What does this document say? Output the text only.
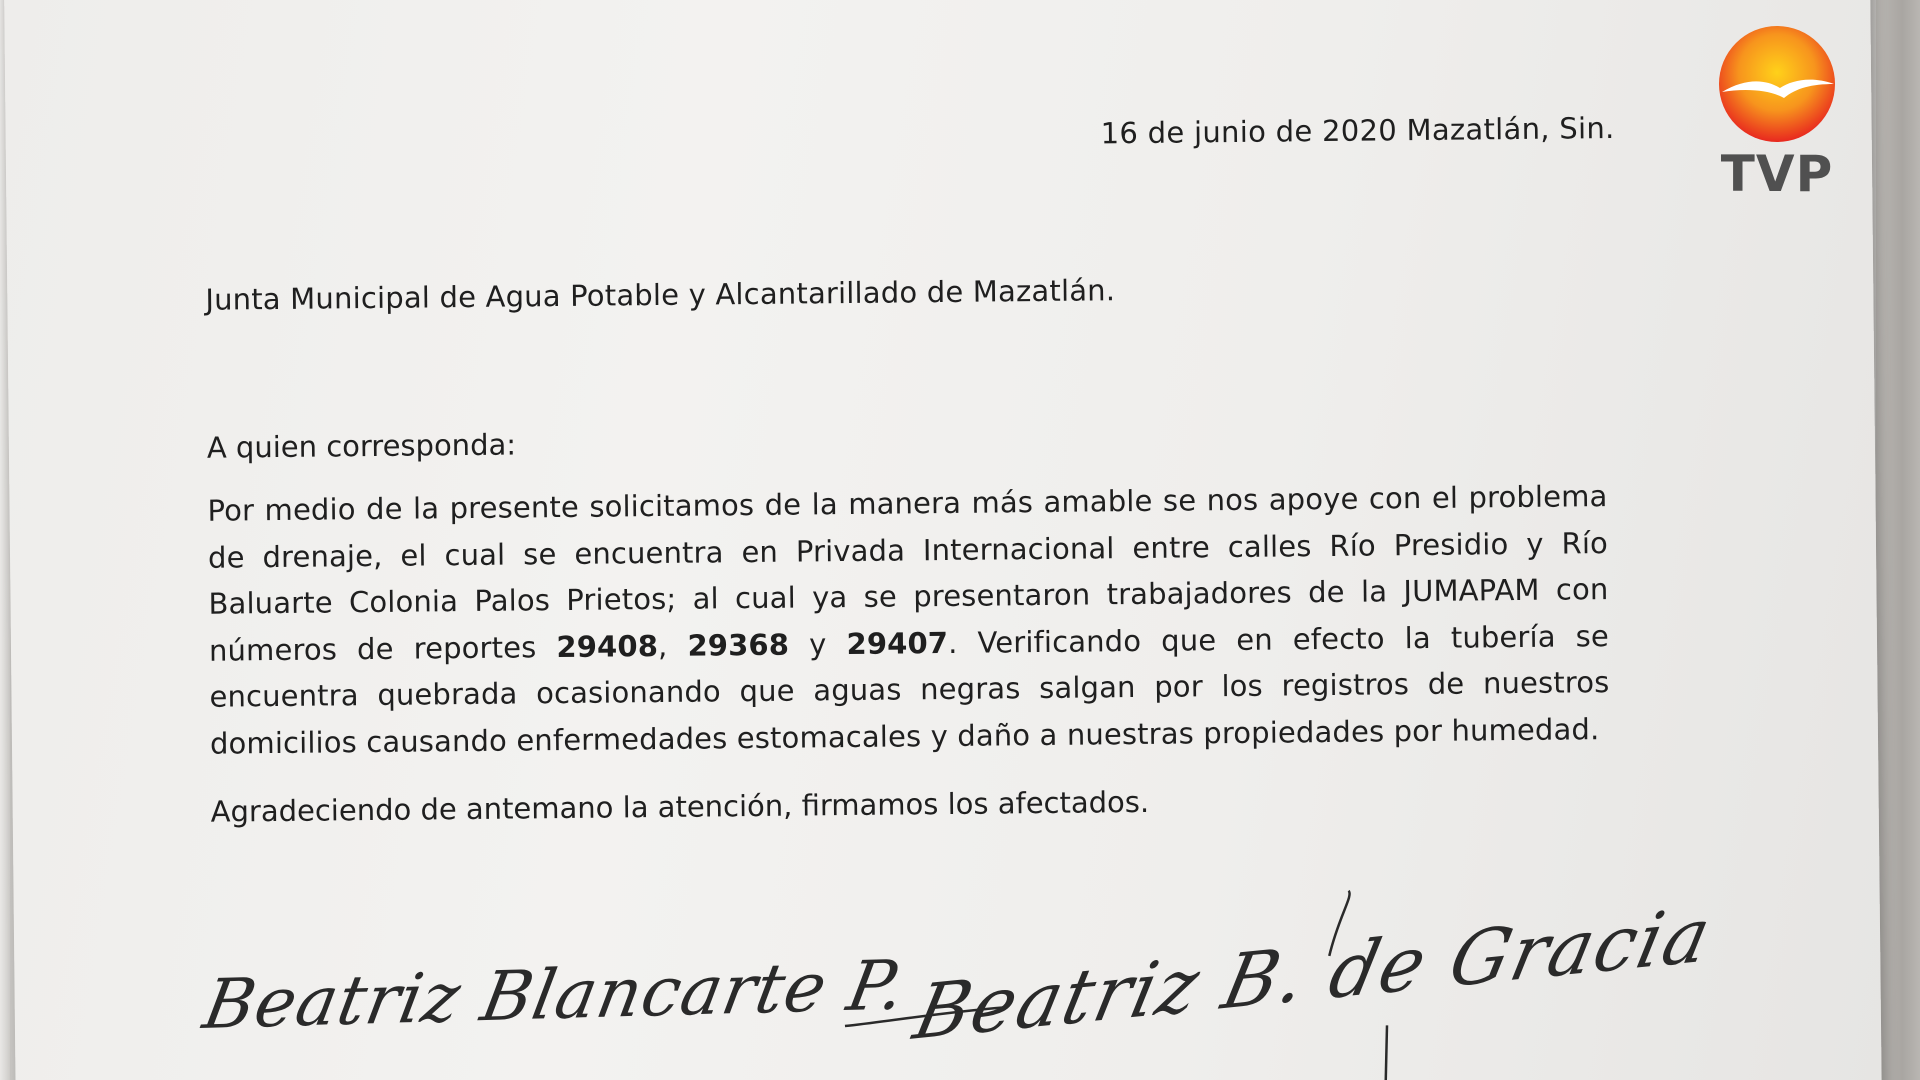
16 de junio de 2020 Mazatlán, Sin.

Junta Municipal de Agua Potable y Alcantarillado de Mazatlán.

A quien corresponda:

Por medio de la presente solicitamos de la manera más amable se nos apoye con el problema de drenaje, el cual se encuentra en Privada Internacional entre calles Río Presidio y Río Baluarte Colonia Palos Prietos; al cual ya se presentaron trabajadores de la JUMAPAM con números de reportes 29408, 29368 y 29407. Verificando que en efecto la tubería se encuentra quebrada ocasionando que aguas negras salgan por los registros de nuestros domicilios causando enfermedades estomacales y daño a nuestras propiedades por humedad.

Agradeciendo de antemano la atención, firmamos los afectados.

Beatriz Blancarte P.

Beatriz B. de Gracia

TVP
